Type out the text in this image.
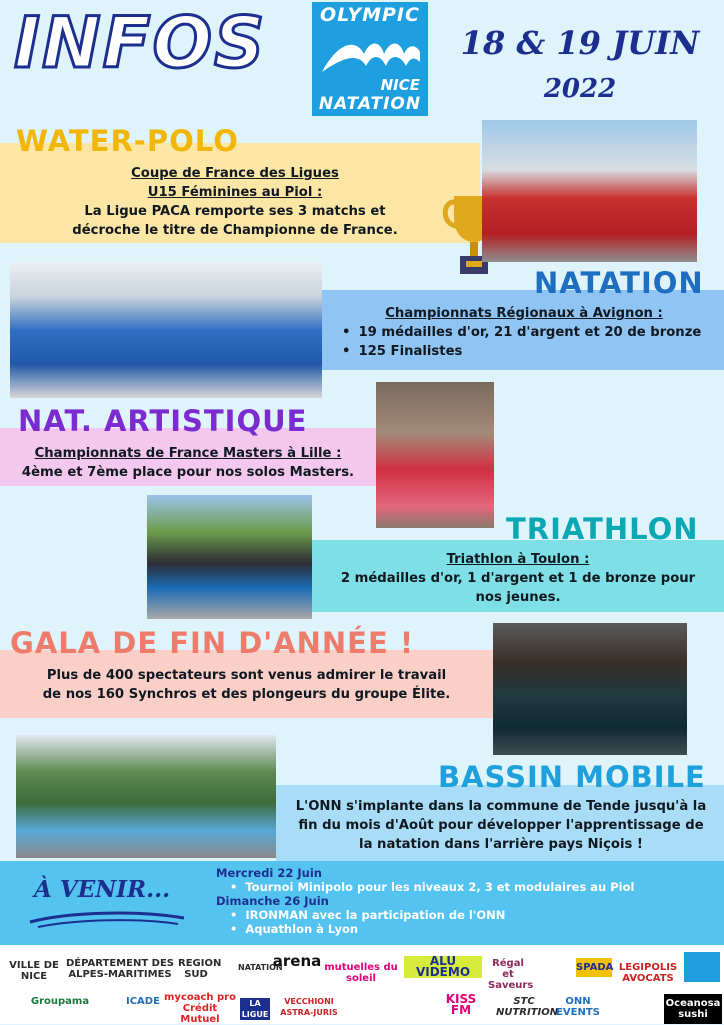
INFOS	OLYMPIC
NICE
NATATION
18 & 19 JUIN
2022
WATER-POLO
Coupe de France des Ligues
U15 Féminines au Piol :
La Ligue PACA remporte ses 3 matchs et
décroche le titre de Championne de France.
NATATION
Championnats Régionaux à Avignon :
• 19 médailles d'or, 21 d'argent et 20 de bronze
• 125 Finalistes
NAT. ARTISTIQUE
Championnats de France Masters à Lille :
4ème et 7ème place pour nos solos Masters.
TRIATHLON
Triathlon à Toulon :
2 médailles d'or, 1 d'argent et 1 de bronze pour
nos jeunes.
GALA DE FIN D'ANNÉE !
Plus de 400 spectateurs sont venus admirer le travail
de nos 160 Synchros et des plongeurs du groupe Élite.
BASSIN MOBILE
L'ONN s'implante dans la commune de Tende jusqu'à la
fin du mois d'Août pour développer l'apprentissage de
la natation dans l'arrière pays Niçois !
À VENIR...
Mercredi 22 Juin
• Tournoi Minipolo pour les niveaux 2, 3 et modulaires au Piol
Dimanche 26 Juin
• IRONMAN avec la participation de l'ONN
• Aquathlon à Lyon
VILLE DE NICE
DÉPARTEMENT DES ALPES-MARITIMES
REGION SUD
NATATION
arena mutuelles du soleil
ALU VIDEMO
Régal et Saveurs
SPADA LEGIPOLIS AVOCATS
Groupama	ICADE mycoach pro Crédit Mutuel
LA LIGUE
VECCHIONI ASTRA-JURIS
KISS FM
STC NUTRITION
ONN EVENTS
Oceanosa sushi
